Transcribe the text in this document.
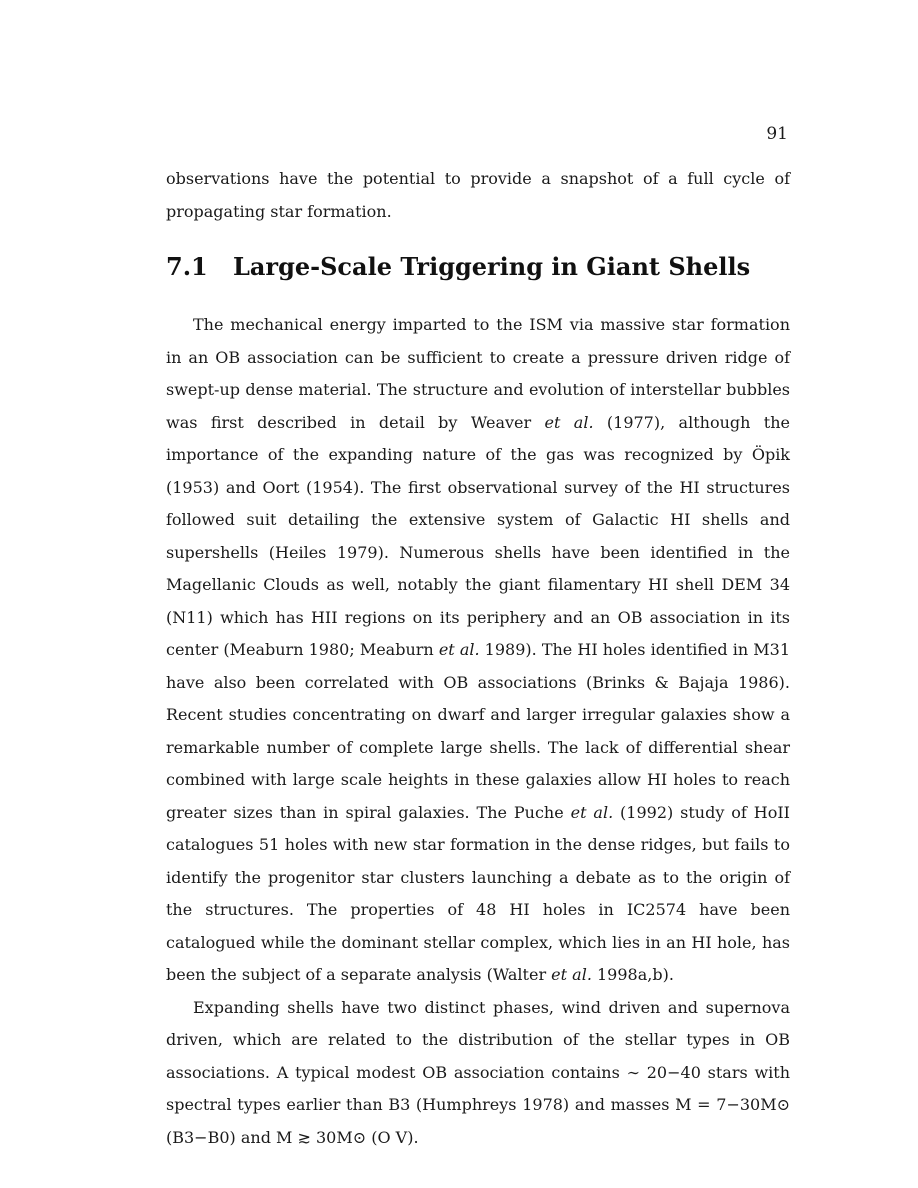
91

observations have the potential to provide a snapshot of a full cycle of propagating star formation.

7.1 Large-Scale Triggering in Giant Shells

The mechanical energy imparted to the ISM via massive star formation in an OB association can be sufficient to create a pressure driven ridge of swept-up dense material. The structure and evolution of interstellar bubbles was first described in detail by Weaver et al. (1977), although the importance of the expanding nature of the gas was recognized by Öpik (1953) and Oort (1954). The first observational survey of the HI structures followed suit detailing the extensive system of Galactic HI shells and supershells (Heiles 1979). Numerous shells have been identified in the Magellanic Clouds as well, notably the giant filamentary HI shell DEM 34 (N11) which has HII regions on its periphery and an OB association in its center (Meaburn 1980; Meaburn et al. 1989). The HI holes identified in M31 have also been correlated with OB associations (Brinks & Bajaja 1986). Recent studies concentrating on dwarf and larger irregular galaxies show a remarkable number of complete large shells. The lack of differential shear combined with large scale heights in these galaxies allow HI holes to reach greater sizes than in spiral galaxies. The Puche et al. (1992) study of HoII catalogues 51 holes with new star formation in the dense ridges, but fails to identify the progenitor star clusters launching a debate as to the origin of the structures. The properties of 48 HI holes in IC2574 have been catalogued while the dominant stellar complex, which lies in an HI hole, has been the subject of a separate analysis (Walter et al. 1998a,b).

Expanding shells have two distinct phases, wind driven and supernova driven, which are related to the distribution of the stellar types in OB associations. A typical modest OB association contains ∼ 20−40 stars with spectral types earlier than B3 (Humphreys 1978) and masses M = 7−30M⊙ (B3−B0) and M ≳ 30M⊙ (O V).
